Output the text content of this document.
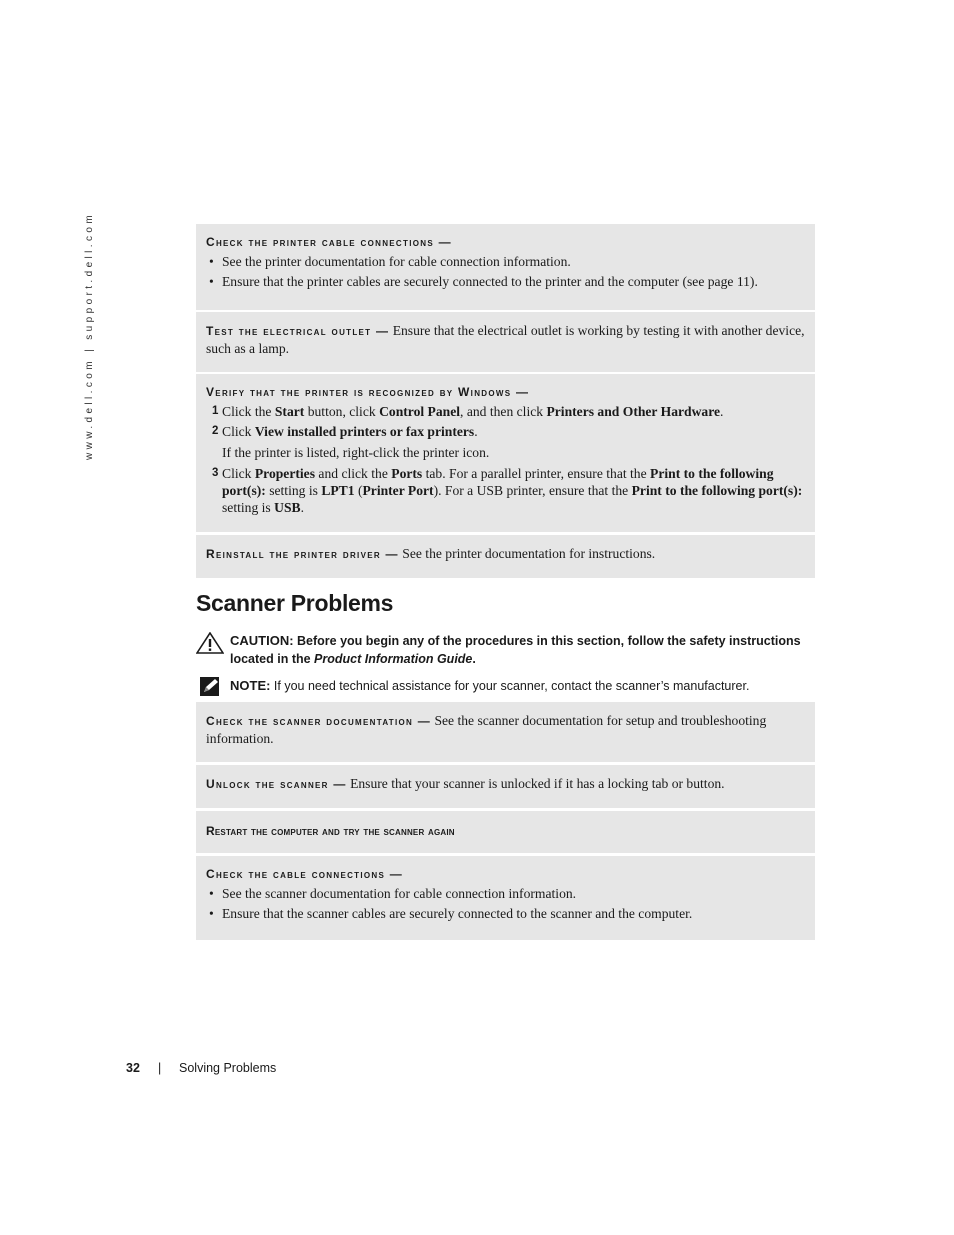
www.dell.com | support.dell.com	Check the printer cable connections —
• See the printer documentation for cable connection information.
• Ensure that the printer cables are securely connected to the printer and the computer (see page 11).
Test the electrical outlet — Ensure that the electrical outlet is working by testing it with another device, such as a lamp.
Verify that the printer is recognized by Windows —
1 Click the Start button, click Control Panel, and then click Printers and Other Hardware.
2 Click View installed printers or fax printers.
If the printer is listed, right-click the printer icon.
3 Click Properties and click the Ports tab. For a parallel printer, ensure that the Print to the following port(s): setting is LPT1 (Printer Port). For a USB printer, ensure that the Print to the following port(s): setting is USB.
Reinstall the printer driver — See the printer documentation for instructions.
Scanner Problems
CAUTION: Before you begin any of the procedures in this section, follow the safety instructions located in the Product Information Guide.
NOTE: If you need technical assistance for your scanner, contact the scanner’s manufacturer.
Check the scanner documentation — See the scanner documentation for setup and troubleshooting information.
Unlock the scanner — Ensure that your scanner is unlocked if it has a locking tab or button.
Restart the computer and try the scanner again
Check the cable connections —
• See the scanner documentation for cable connection information.
• Ensure that the scanner cables are securely connected to the scanner and the computer.
32 | Solving Problems
